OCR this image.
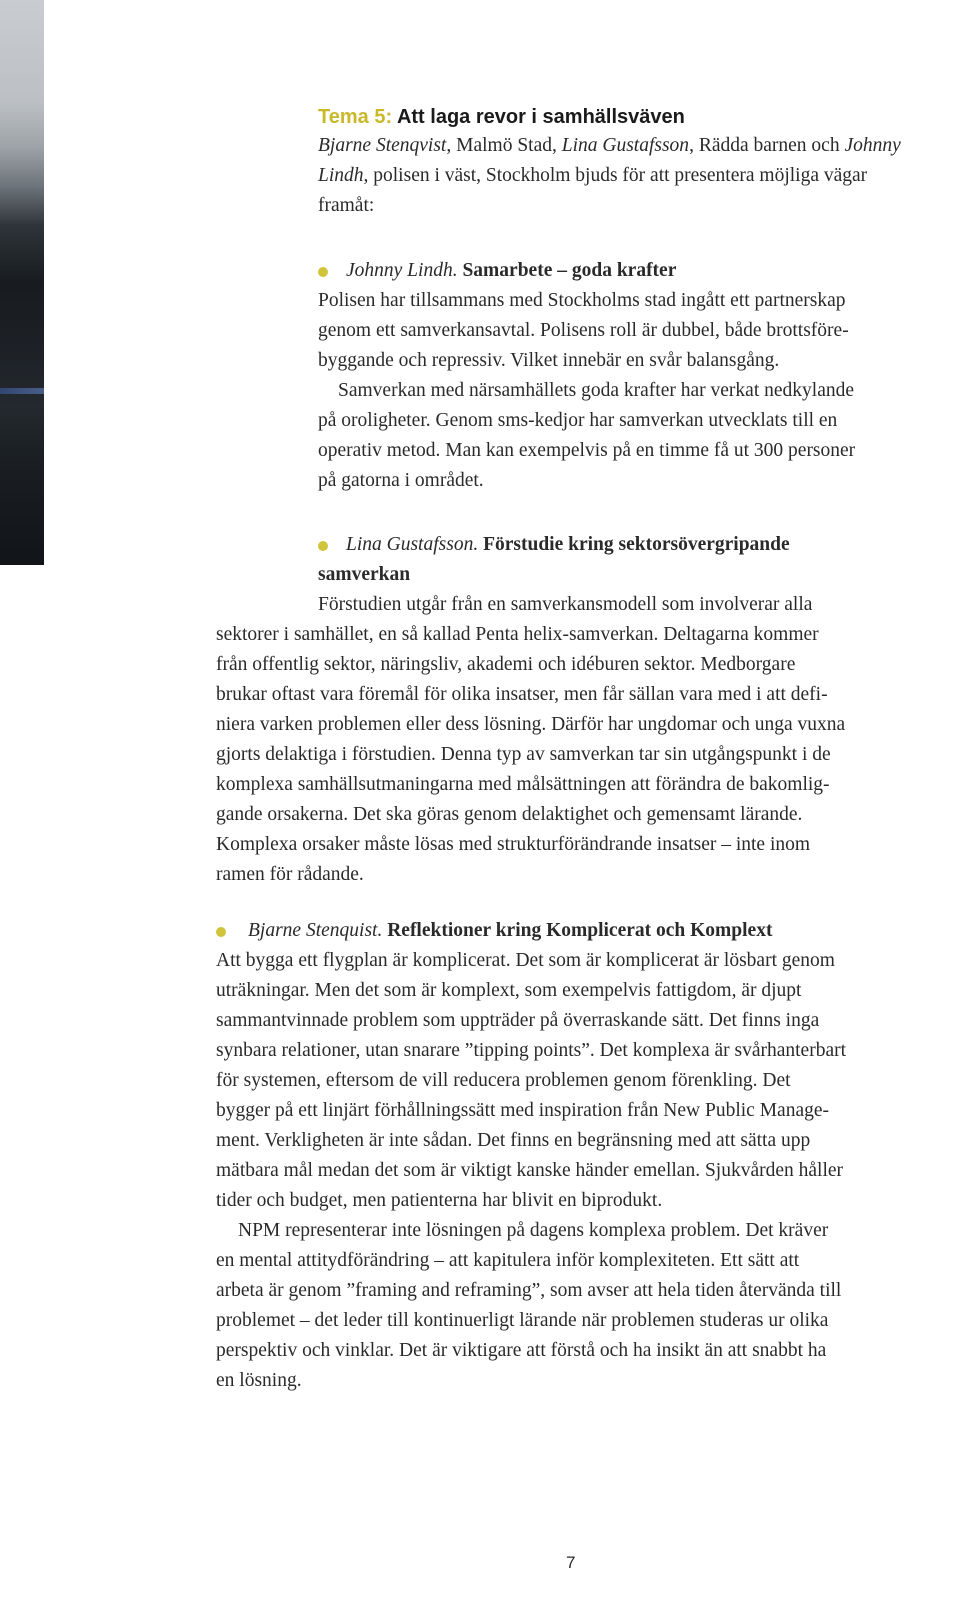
Tema 5: Att laga revor i samhällsväven

Bjarne Stenqvist, Malmö Stad, Lina Gustafsson, Rädda barnen och Johnny

Lindh, polisen i väst, Stockholm bjuds för att presentera möjliga vägar

framåt:

Johnny Lindh. Samarbete – goda krafter

Polisen har tillsammans med Stockholms stad ingått ett partnerskap

genom ett samverkansavtal. Polisens roll är dubbel, både brottsföre-

byggande och repressiv. Vilket innebär en svår balansgång.

Samverkan med närsamhällets goda krafter har verkat nedkylande

på oroligheter. Genom sms-kedjor har samverkan utvecklats till en

operativ metod. Man kan exempelvis på en timme få ut 300 personer

på gatorna i området.

Lina Gustafsson. Förstudie kring sektorsövergripande

samverkan

Förstudien utgår från en samverkansmodell som involverar alla

sektorer i samhället, en så kallad Penta helix-samverkan. Deltagarna kommer

från offentlig sektor, näringsliv, akademi och idéburen sektor. Medborgare

brukar oftast vara föremål för olika insatser, men får sällan vara med i att defi-

niera varken problemen eller dess lösning. Därför har ungdomar och unga vuxna

gjorts delaktiga i förstudien. Denna typ av samverkan tar sin utgångspunkt i de

komplexa samhällsutmaningarna med målsättningen att förändra de bakomlig-

gande orsakerna. Det ska göras genom delaktighet och gemensamt lärande.

Komplexa orsaker måste lösas med strukturförändrande insatser – inte inom

ramen för rådande.

Bjarne Stenquist. Reflektioner kring Komplicerat och Komplext

Att bygga ett flygplan är komplicerat. Det som är komplicerat är lösbart genom

uträkningar. Men det som är komplext, som exempelvis fattigdom, är djupt

sammantvinnade problem som uppträder på överraskande sätt. Det finns inga

synbara relationer, utan snarare ”tipping points”. Det komplexa är svårhanterbart

för systemen, eftersom de vill reducera problemen genom förenkling. Det

bygger på ett linjärt förhållningssätt med inspiration från New Public Manage-

ment. Verkligheten är inte sådan. Det finns en begränsning med att sätta upp

mätbara mål medan det som är viktigt kanske händer emellan. Sjukvården håller

tider och budget, men patienterna har blivit en biprodukt.

NPM representerar inte lösningen på dagens komplexa problem. Det kräver

en mental attitydförändring – att kapitulera inför komplexiteten. Ett sätt att

arbeta är genom ”framing and reframing”, som avser att hela tiden återvända till

problemet – det leder till kontinuerligt lärande när problemen studeras ur olika

perspektiv och vinklar. Det är viktigare att förstå och ha insikt än att snabbt ha

en lösning.

7
